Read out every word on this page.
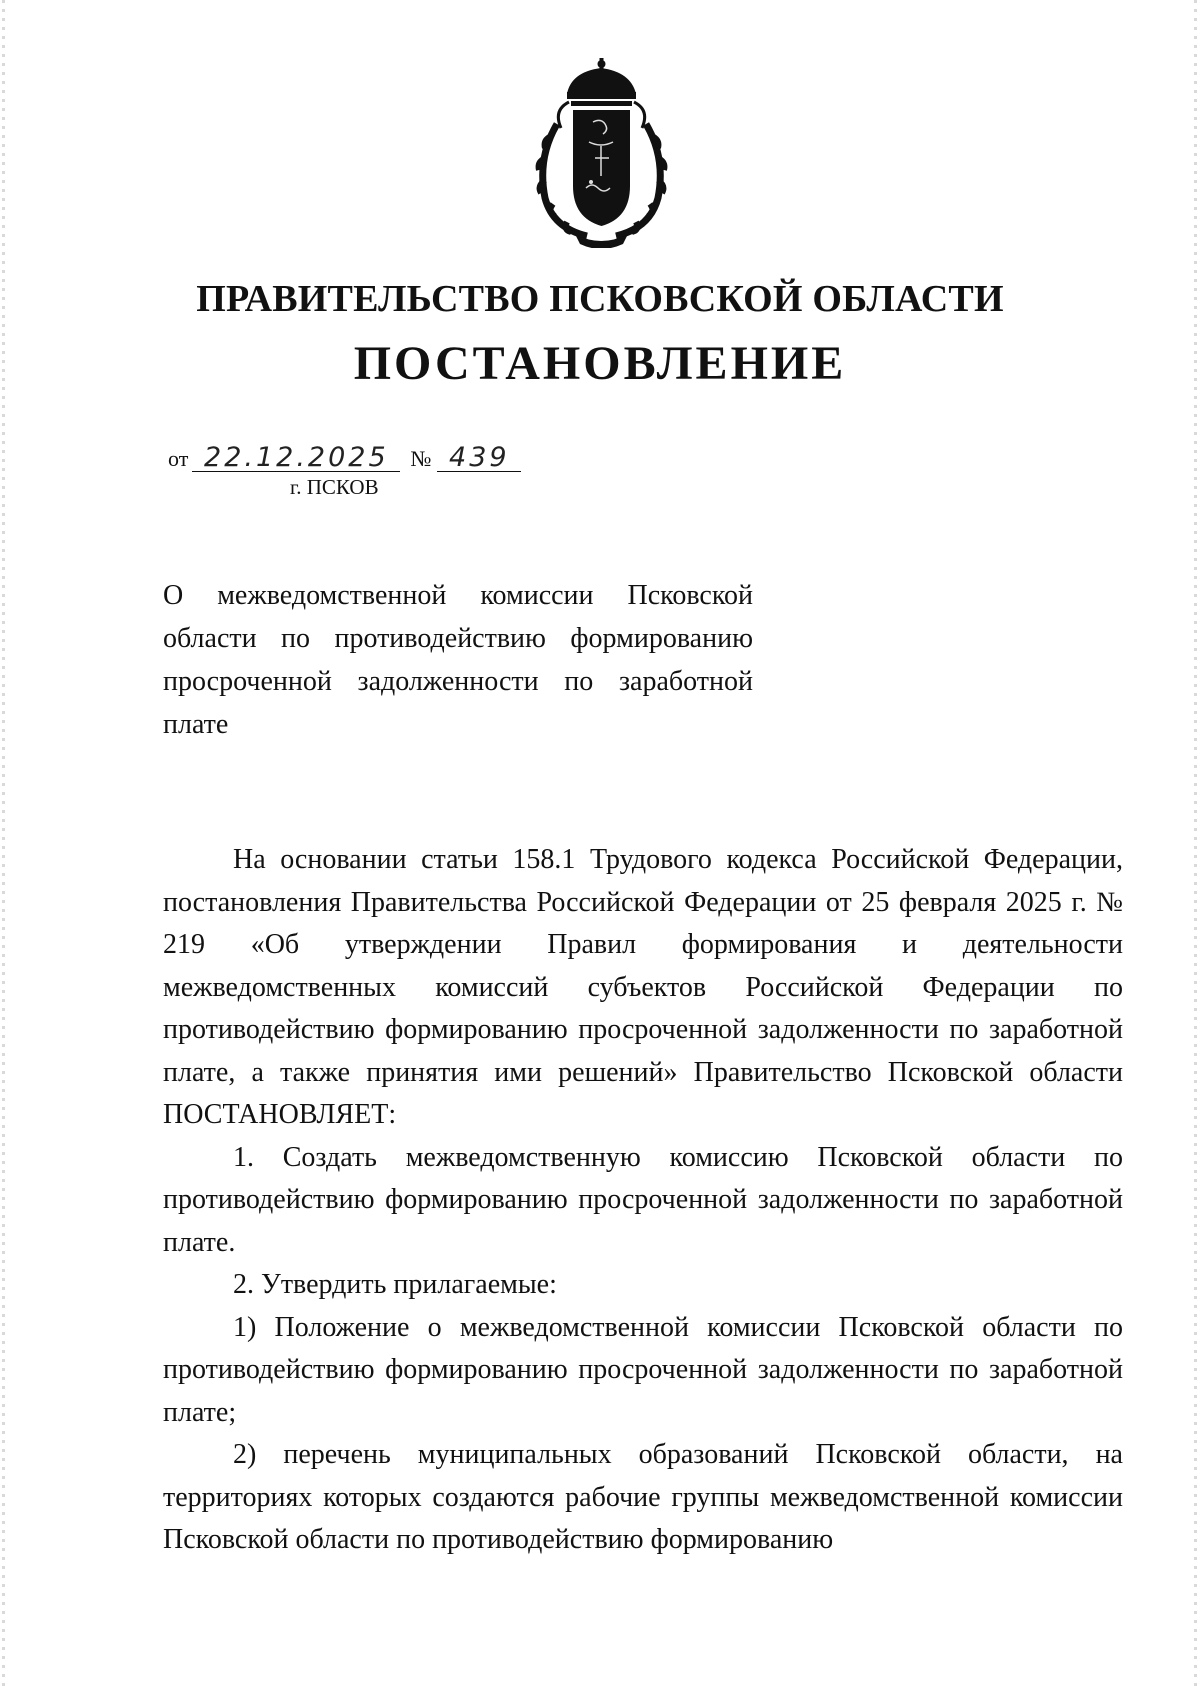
ПРАВИТЕЛЬСТВО ПСКОВСКОЙ ОБЛАСТИ
ПОСТАНОВЛЕНИЕ
от 22.12.2025 № 439
г. ПСКОВ
О межведомственной комиссии Псковской области по противодействию формированию просроченной задолженности по заработной плате

На основании статьи 158.1 Трудового кодекса Российской Федерации, постановления Правительства Российской Федерации от 25 февраля 2025 г. № 219 «Об утверждении Правил формирования и деятельности межведомственных комиссий субъектов Российской Федерации по противодействию формированию просроченной задолженности по заработной плате, а также принятия ими решений» Правительство Псковской области ПОСТАНОВЛЯЕТ:

1. Создать межведомственную комиссию Псковской области по противодействию формированию просроченной задолженности по заработной плате.

2. Утвердить прилагаемые:

1) Положение о межведомственной комиссии Псковской области по противодействию формированию просроченной задолженности по заработной плате;

2) перечень муниципальных образований Псковской области, на территориях которых создаются рабочие группы межведомственной комиссии Псковской области по противодействию формированию
